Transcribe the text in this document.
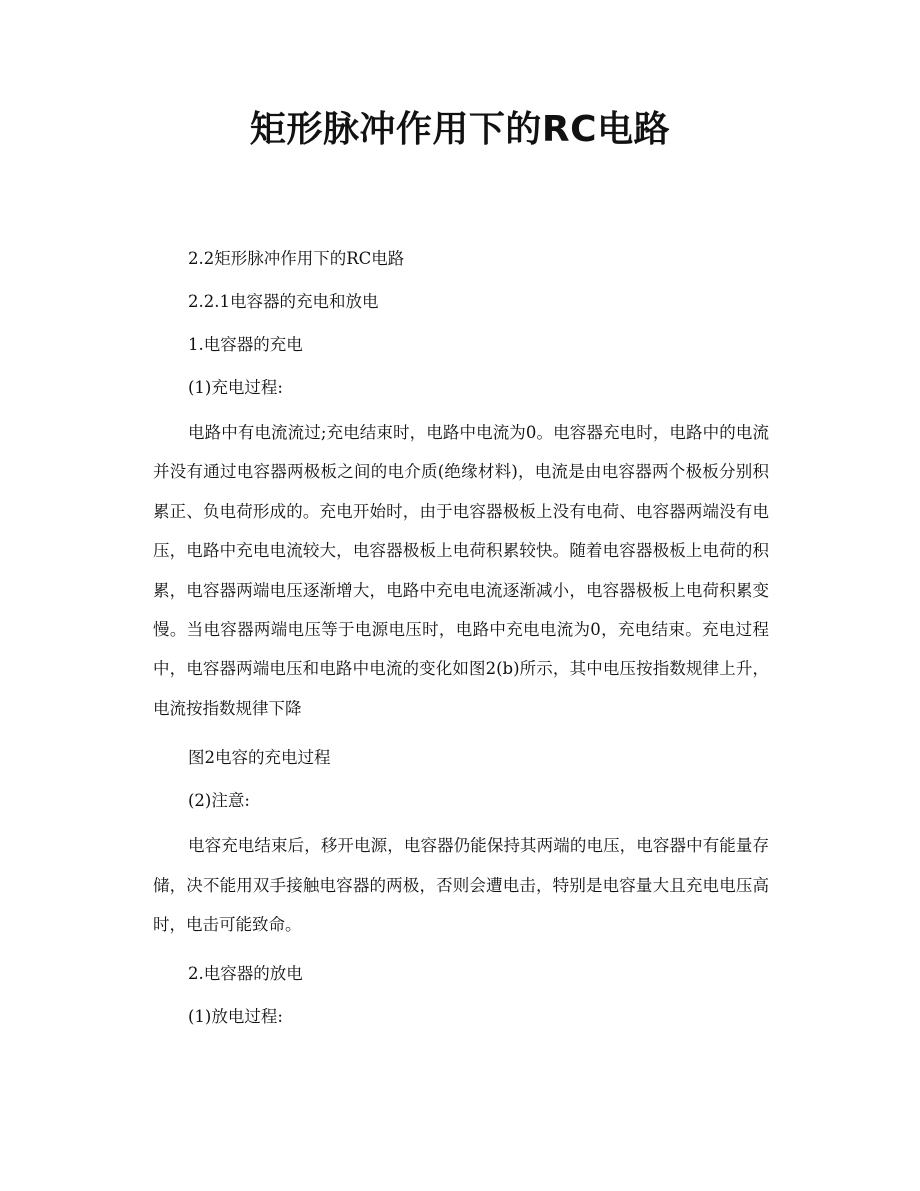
矩形脉冲作用下的RC电路

2.2矩形脉冲作用下的RC电路

2.2.1电容器的充电和放电

1.电容器的充电

(1)充电过程:

电路中有电流流过;充电结束时，电路中电流为0。电容器充电时，电路中的电流并没有通过电容器两极板之间的电介质(绝缘材料)，电流是由电容器两个极板分别积累正、负电荷形成的。充电开始时，由于电容器极板上没有电荷、电容器两端没有电压，电路中充电电流较大，电容器极板上电荷积累较快。随着电容器极板上电荷的积累，电容器两端电压逐渐增大，电路中充电电流逐渐减小，电容器极板上电荷积累变慢。当电容器两端电压等于电源电压时，电路中充电电流为0，充电结束。充电过程中，电容器两端电压和电路中电流的变化如图2(b)所示，其中电压按指数规律上升，电流按指数规律下降

图2电容的充电过程

(2)注意:

电容充电结束后，移开电源，电容器仍能保持其两端的电压，电容器中有能量存储，决不能用双手接触电容器的两极，否则会遭电击，特别是电容量大且充电电压高时，电击可能致命。

2.电容器的放电

(1)放电过程:
